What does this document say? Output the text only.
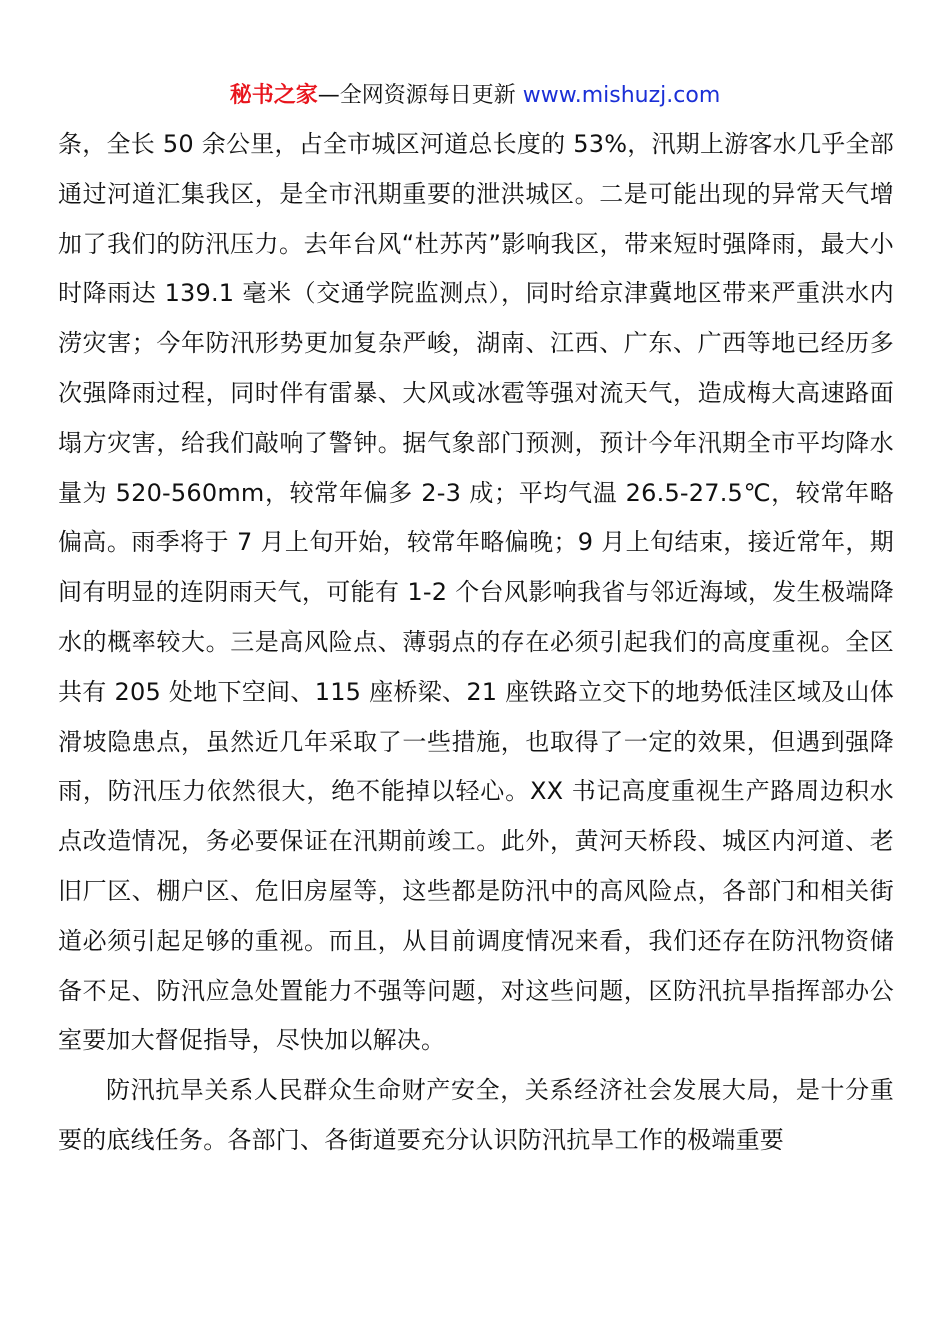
秘书之家—全网资源每日更新 www.mishuzj.com

条，全长 50 余公里，占全市城区河道总长度的 53%，汛期上游客水几乎全部通过河道汇集我区，是全市汛期重要的泄洪城区。二是可能出现的异常天气增加了我们的防汛压力。去年台风“杜苏芮”影响我区，带来短时强降雨，最大小时降雨达 139.1 毫米（交通学院监测点），同时给京津冀地区带来严重洪水内涝灾害；今年防汛形势更加复杂严峻，湖南、江西、广东、广西等地已经历多次强降雨过程，同时伴有雷暴、大风或冰雹等强对流天气，造成梅大高速路面塌方灾害，给我们敲响了警钟。据气象部门预测，预计今年汛期全市平均降水量为 520-560mm，较常年偏多 2-3 成；平均气温 26.5-27.5℃，较常年略偏高。雨季将于 7 月上旬开始，较常年略偏晚；9 月上旬结束，接近常年，期间有明显的连阴雨天气，可能有 1-2 个台风影响我省与邻近海域，发生极端降水的概率较大。三是高风险点、薄弱点的存在必须引起我们的高度重视。全区共有 205 处地下空间、115 座桥梁、21 座铁路立交下的地势低洼区域及山体滑坡隐患点，虽然近几年采取了一些措施，也取得了一定的效果，但遇到强降雨，防汛压力依然很大，绝不能掉以轻心。XX 书记高度重视生产路周边积水点改造情况，务必要保证在汛期前竣工。此外，黄河天桥段、城区内河道、老旧厂区、棚户区、危旧房屋等，这些都是防汛中的高风险点，各部门和相关街道必须引起足够的重视。而且，从目前调度情况来看，我们还存在防汛物资储备不足、防汛应急处置能力不强等问题，对这些问题，区防汛抗旱指挥部办公室要加大督促指导，尽快加以解决。

防汛抗旱关系人民群众生命财产安全，关系经济社会发展大局，是十分重要的底线任务。各部门、各街道要充分认识防汛抗旱工作的极端重要
